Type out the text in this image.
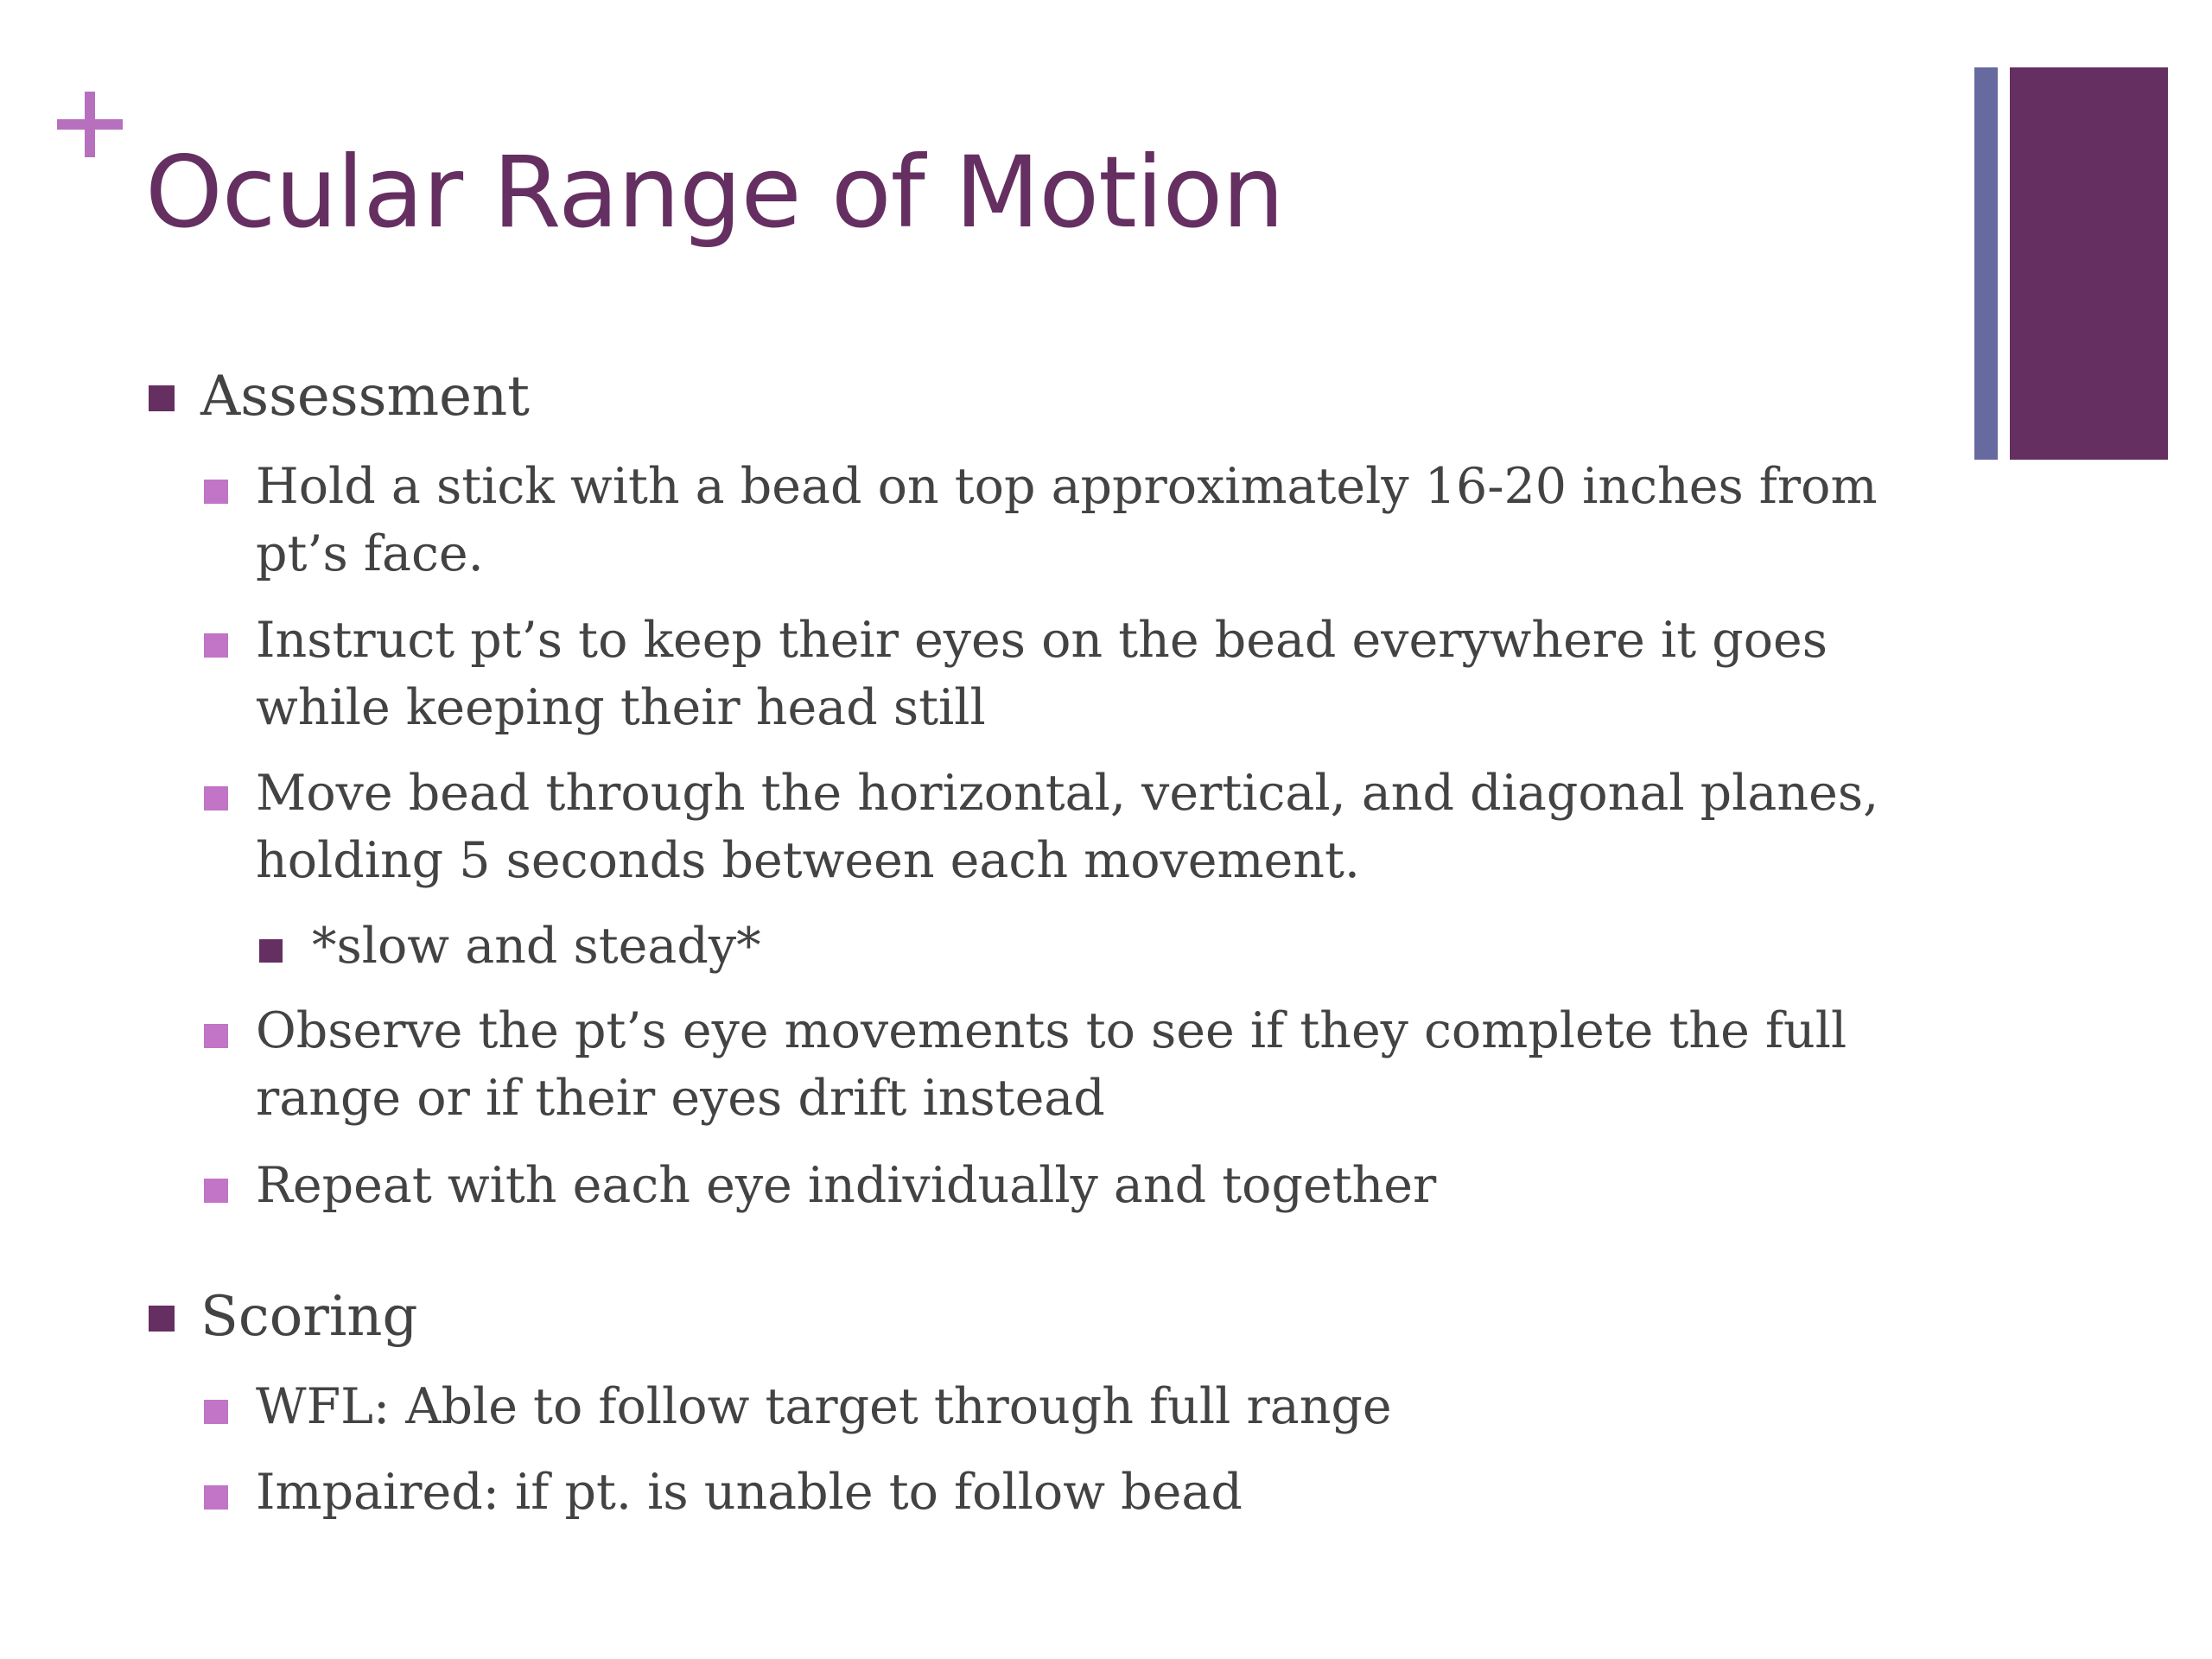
Ocular Range of Motion
Assessment
Hold a stick with a bead on top approximately 16-20 inches from
pt’s face.
Instruct pt’s to keep their eyes on the bead everywhere it goes
while keeping their head still
Move bead through the horizontal, vertical, and diagonal planes,
holding 5 seconds between each movement.
*slow and steady*
Observe the pt’s eye movements to see if they complete the full
range or if their eyes drift instead
Repeat with each eye individually and together
Scoring
WFL: Able to follow target through full range
Impaired: if pt. is unable to follow bead
